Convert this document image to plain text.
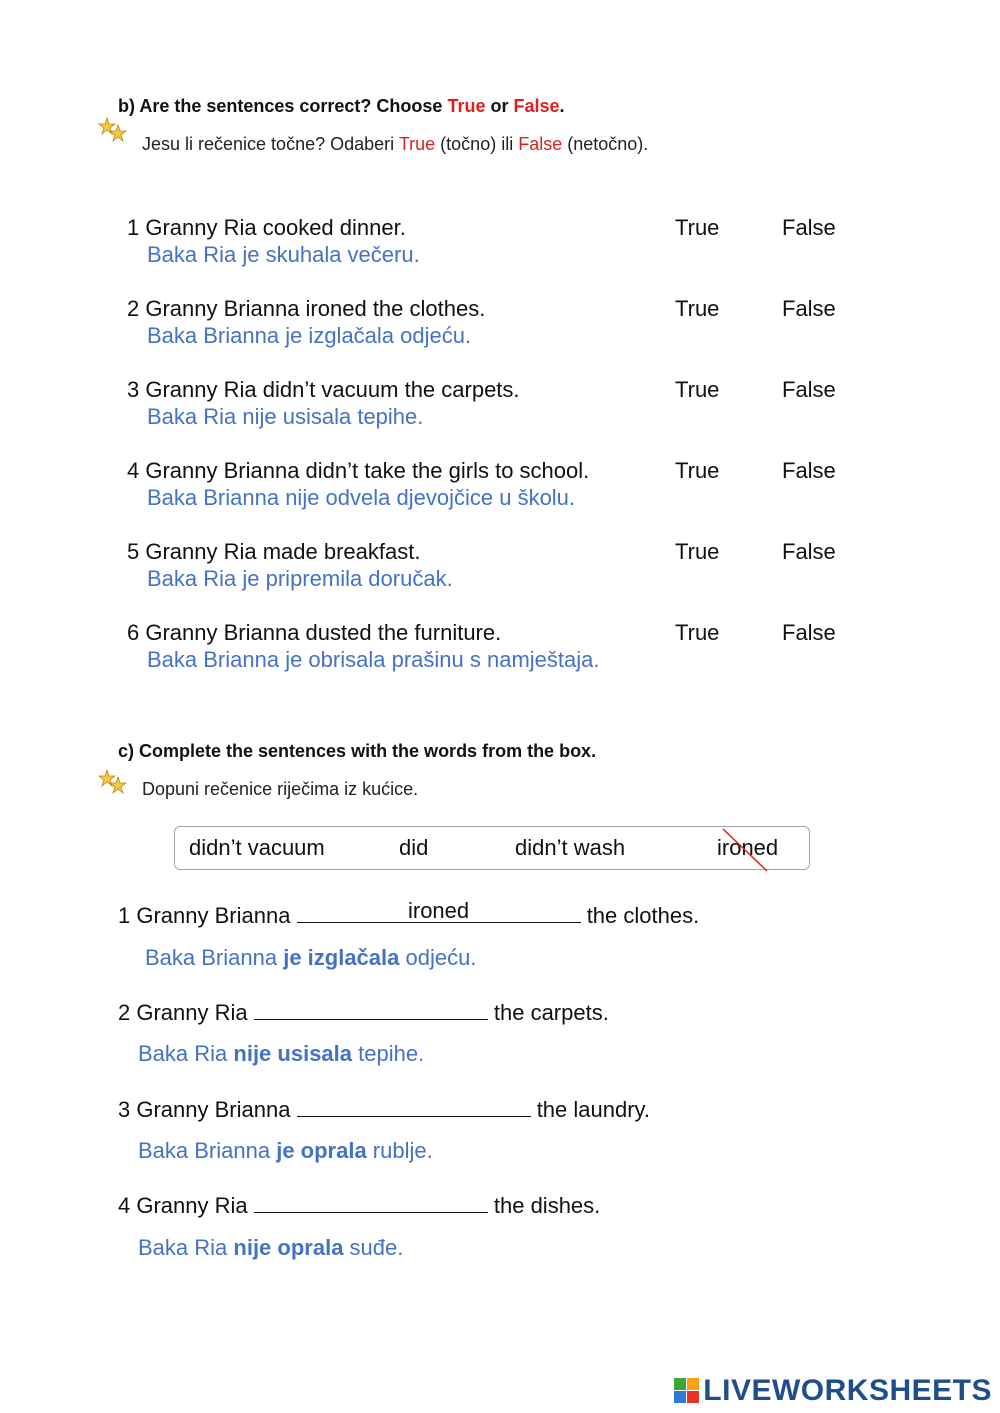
b) Are the sentences correct? Choose True or False.
Jesu li rečenice točne? Odaberi True (točno) ili False (netočno).
1 Granny Ria cooked dinner.	True	False
Baka Ria je skuhala večeru.
2 Granny Brianna ironed the clothes.	True	False
Baka Brianna je izglačala odjeću.
3 Granny Ria didn’t vacuum the carpets.	True	False
Baka Ria nije usisala tepihe.
4 Granny Brianna didn’t take the girls to school.	True	False
Baka Brianna nije odvela djevojčice u školu.
5 Granny Ria made breakfast.	True	False
Baka Ria je pripremila doručak.
6 Granny Brianna dusted the furniture.	True	False
Baka Brianna je obrisala prašinu s namještaja.
c) Complete the sentences with the words from the box.
Dopuni rečenice riječima iz kućice.
didn’t vacuum	did	didn’t wash	ironed
1 Granny Brianna	ironed	the clothes.
Baka Brianna je izglačala odjeću.
2 Granny Ria	the carpets.
Baka Ria nije usisala tepihe.
3 Granny Brianna	the laundry.
Baka Brianna je oprala rublje.
4 Granny Ria	the dishes.
Baka Ria nije oprala suđe.
LIVEWORKSHEETS
